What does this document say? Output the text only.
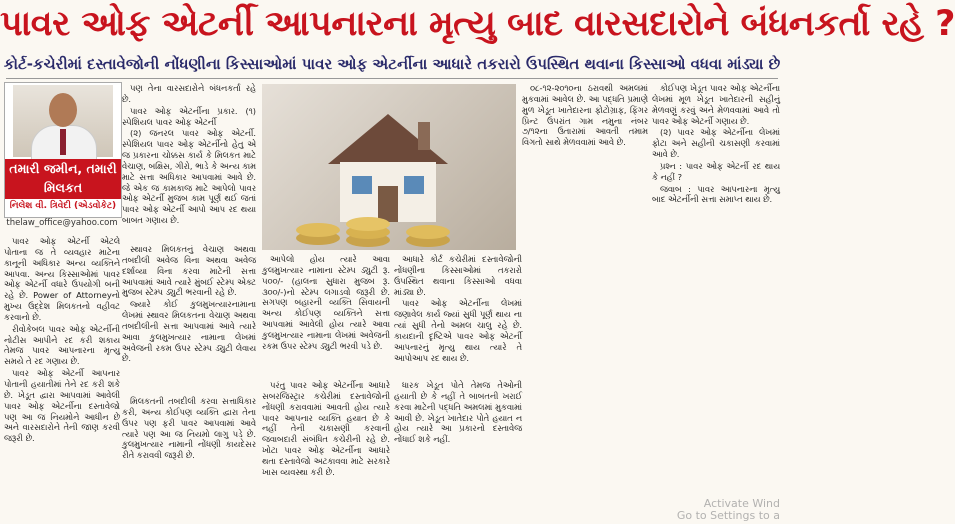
પાવર ઓફ એટર્ની આપનારના મૃત્યુ બાદ વારસદારોને બંધનકર્તા રહે ?
કોર્ટ-કચેરીમાં દસ્તાવેજોની નોંધણીના કિસ્સાઓમાં પાવર ઓફ એટર્નીના આધારે તકરારો ઉપસ્થિત થવાના કિસ્સાઓ વધવા માંડ્યા છે
તમારી જમીન, તમારી મિલકત
નિલેશ વી. ત્રિવેદી (એડવોકેટ)
thelaw_office@yahoo.com

પણ તેના વારસદારોને બંધનકર્તા રહે છે.

પાવર ઓફ એટર્નીના પ્રકાર. (૧) સ્પેશિયલ પાવર ઓફ એટર્ની

(૨) જનરલ પાવર ઓફ એટર્ની. સ્પેશિયલ પાવર ઓફ એટર્નીનો હેતુ એ જ પ્રકારના ચોક્કસ કાર્ય કે મિલકત માટે વેચાણ, બક્ષિસ, ગીરો, ભાડે કે અન્ય કામ માટે સત્તા અધિકાર આપવામાં આવે છે. જે એક જ કામકાજ માટે આપેલો પાવર ઓફ એટર્ની મુજબ કામ પૂર્ણ થઈ જતાં પાવર ઓફ એટર્ની આપો આપ રદ થયા બાબત ગણાય છે.

આપેલો હોય ત્યારે આવા કુલમુખત્યાર નામાના સ્ટેમ્પ ડ્યુટી રૂ. ૫૦૦/- (હાલના સુધારા મુજબ રૂ. ૩૦૦/-)નો સ્ટેમ્પ લગાડવો જરૂરી છે. સગપણ બહારની વ્યક્તિ સિવાયની અન્ય કોઈપણ વ્યક્તિને સત્તા આપવામાં આવેલી હોય ત્યારે આવા કુલમુખત્યાર નામાના લેખમાં અવેજની રકમ ઉપર સ્ટેમ્પ ડ્યુટી ભરવી પડે છે.

આધારે કોર્ટ કચેરીમાં દસ્તાવેજોની નોંધણીના કિસ્સાઓમાં તકરારો ઉપસ્થિત થવાના કિસ્સાઓ વધવા માંડ્યા છે.

પાવર ઓફ એટર્નીના લેખમાં જણાવેલ કાર્ય જ્યાં સુધી પૂર્ણ થાય ના ત્યાં સુધી તેનો અમલ ચાલુ રહે છે. કાયદાની દૃષ્ટિએ પાવર ઓફ એટર્ની આપનારનું મૃત્યુ થાય ત્યારે તે આપોઆપ રદ થાય છે.

૦૮-૧૨-૨૦૧૦ના ઠરાવથી અમલમાં મુકવામાં આવેલ છે. આ પદ્ધતિ પ્રમાણે મુળ ખેડૂત ખાતેદારના ફોટોગ્રાફ, ફિંગર પ્રિન્ટ ઉપરાંત ગામ નમુના નંબર ૭/૧૨ના ઉતારામાં આવતી તમામ વિગતો સાથે મેળવવામાં આવે છે.

કોઈપણ ખેડૂત પાવર ઓફ એટર્નીના લેખમાં મૂળ ખેડૂત ખાતેદારની સહીનું મેળવણું કરવું અને મેળવવામાં આવે તો પાવર ઓફ એટર્ની ગણાય છે.

(૨) પાવર ઓફ એટર્નીના લેખમાં ફોટા અને સહીની ચકાસણી કરવામાં આવે છે.

પ્રશ્ન : પાવર ઓફ એટર્ની રદ થાય કે નહીં ?

જવાબ : પાવર આપનારના મૃત્યુ બાદ એટર્નીની સત્તા સમાપ્ત થાય છે.

પાવર ઓફ એટર્ની એટલે પોતાના જ તે વ્યવહાર માટેના કાનૂની અધિકાર અન્ય વ્યક્તિને આપવા. અન્ય કિસ્સાઓમાં પાવર ઓફ એટર્ની વધારે ઉપયોગી બની રહે છે. Power of Attorneyનો મુખ્ય ઉદ્દેશ મિલકતનો વહીવટ કરવાનો છે.

રીવોકેબલ પાવર ઓફ એટર્નીની નોટીસ આપીને રદ કરી શકાય તેમજ પાવર આપનારના મૃત્યુ સમયે તે રદ ગણાય છે.

પાવર ઓફ એટર્ની આપનાર પોતાની હયાતીમાં તેને રદ કરી શકે છે. ખેડૂત દ્વારા આપવામાં આવેલી પાવર ઓફ એટર્નીના દસ્તાવેજો પણ આ જ નિયમોને આધીન છે અને વારસદારોને તેની જાણ કરવી જરૂરી છે.

સ્થાવર મિલકતનું વેચાણ અથવા તબદીલી અવેજ વિના અથવા અવેજ દર્શાવ્યા વિના કરવા માટેની સત્તા આપવામાં આવે ત્યારે મુંબઈ સ્ટેમ્પ એક્ટ મુજબ સ્ટેમ્પ ડ્યુટી ભરવાની રહે છે.

જ્યારે કોઈ કુલમુખત્યારનામાના લેખમાં સ્થાવર મિલકતના વેચાણ અથવા તબદીલીની સત્તા આપવામાં આવે ત્યારે આવા કુલમુખત્યાર નામાના લેખમાં અવેજની રકમ ઉપર સ્ટેમ્પ ડ્યુટી લેવાય છે.

મિલકતની તબદીલી કરવા સત્તાધિકાર કરી, અન્ય કોઈપણ વ્યક્તિ દ્વારા તેના ઉપર પણ ફરી પાવર આપવામાં આવે ત્યારે પણ આ જ નિયમો લાગુ પડે છે. કુલમુખત્યાર નામાની નોંધણી કાયદેસર રીતે કરાવવી જરૂરી છે.

પરંતુ પાવર ઓફ એટર્નીના આધારે સબરજિસ્ટ્રાર કચેરીમાં દસ્તાવેજોની નોંધણી કરાવવામાં આવતી હોય ત્યારે પાવર આપનાર વ્યક્તિ હયાત છે કે નહીં તેની ચકાસણી કરવાની જવાબદારી સંબંધિત કચેરીની રહે છે. ખોટા પાવર ઓફ એટર્નીના આધારે થતા દસ્તાવેજો અટકાવવા માટે સરકારે ખાસ વ્યવસ્થા કરી છે.

ધારક ખેડૂત પોતે તેમજ તેઓની હયાતી છે કે નહીં તે બાબતની ખરાઈ કરવા માટેની પદ્ધતિ અમલમાં મુકવામાં આવી છે. ખેડૂત ખાતેદાર પોતે હયાત ન હોય ત્યારે આ પ્રકારનો દસ્તાવેજ નોંધાઈ શકે નહીં.

Activate Wind
Go to Settings to a
